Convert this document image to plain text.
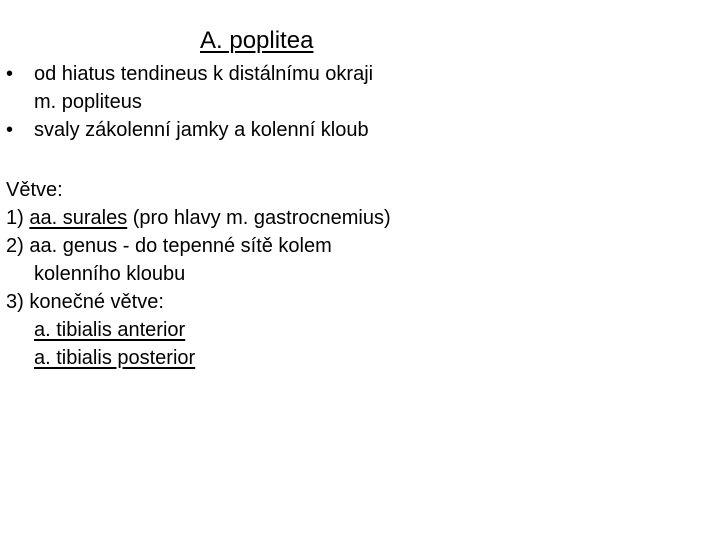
A. poplitea
•	od hiatus tendineus k distálnímu okraji
m. popliteus
•	svaly zákolenní jamky a kolenní kloub
Větve:
1) aa. surales (pro hlavy m. gastrocnemius)
2) aa. genus - do tepenné sítě kolem
kolenního kloubu
3) konečné větve:
a. tibialis anterior
a. tibialis posterior
